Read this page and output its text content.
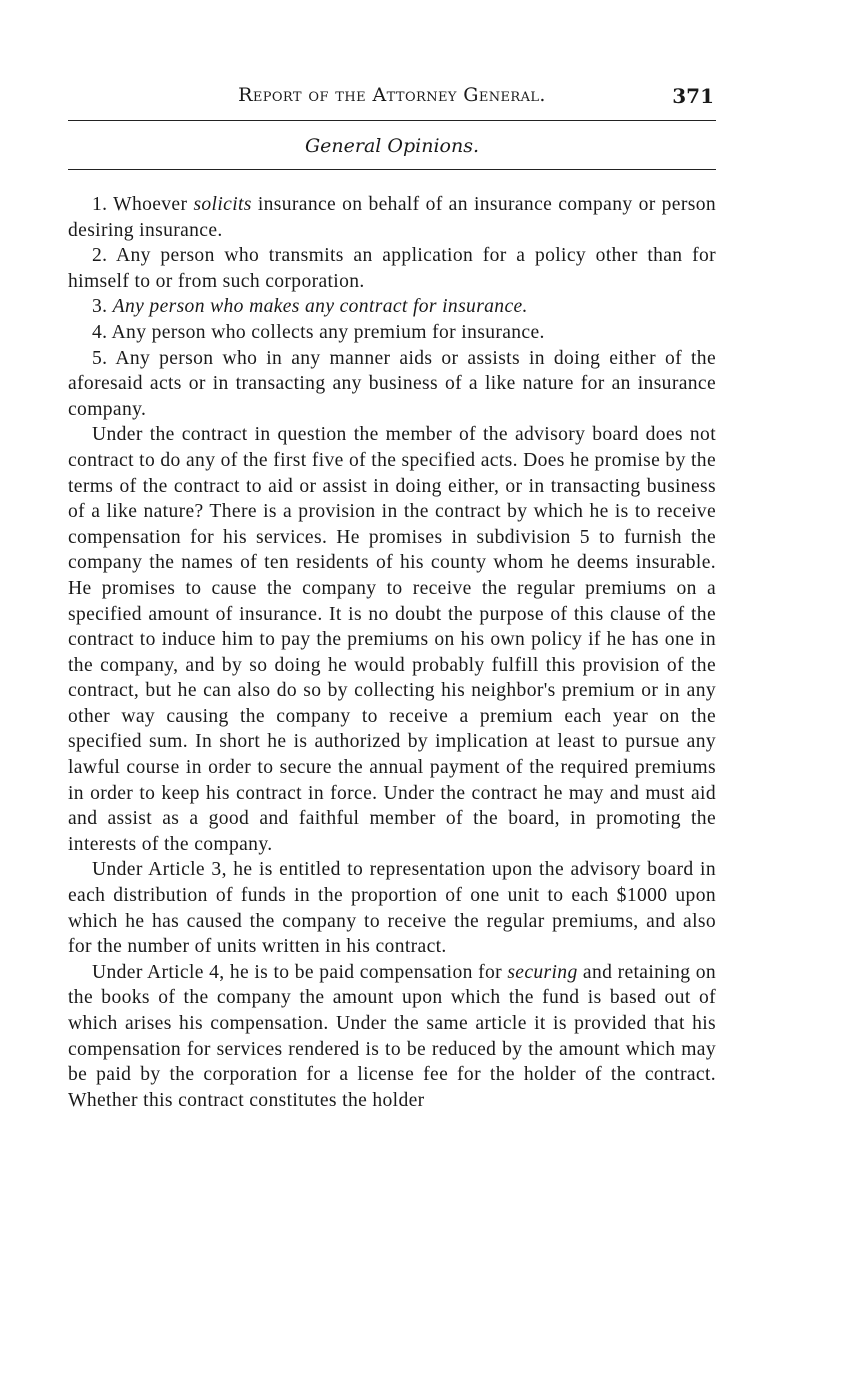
Report of the Attorney General.	371
General Opinions.

1. Whoever solicits insurance on behalf of an insurance company or person desiring insurance.

2. Any person who transmits an application for a policy other than for himself to or from such corporation.

3. Any person who makes any contract for insurance.

4. Any person who collects any premium for insurance.

5. Any person who in any manner aids or assists in doing either of the aforesaid acts or in transacting any business of a like nature for an insurance company.

Under the contract in question the member of the advisory board does not contract to do any of the first five of the specified acts. Does he promise by the terms of the contract to aid or assist in doing either, or in transacting business of a like nature? There is a provision in the contract by which he is to receive compensation for his services. He promises in subdivision 5 to furnish the company the names of ten residents of his county whom he deems insurable. He promises to cause the company to receive the regular premiums on a specified amount of insurance. It is no doubt the purpose of this clause of the contract to induce him to pay the premiums on his own policy if he has one in the company, and by so doing he would probably fulfill this provision of the contract, but he can also do so by collecting his neighbor's premium or in any other way causing the company to receive a premium each year on the specified sum. In short he is authorized by implication at least to pursue any lawful course in order to secure the annual payment of the required premiums in order to keep his contract in force. Under the contract he may and must aid and assist as a good and faithful member of the board, in promoting the interests of the company.

Under Article 3, he is entitled to representation upon the advisory board in each distribution of funds in the proportion of one unit to each $1000 upon which he has caused the company to receive the regular premiums, and also for the number of units written in his contract.

Under Article 4, he is to be paid compensation for securing and retaining on the books of the company the amount upon which the fund is based out of which arises his compensation. Under the same article it is provided that his compensation for services rendered is to be reduced by the amount which may be paid by the corporation for a license fee for the holder of the contract. Whether this contract constitutes the holder
